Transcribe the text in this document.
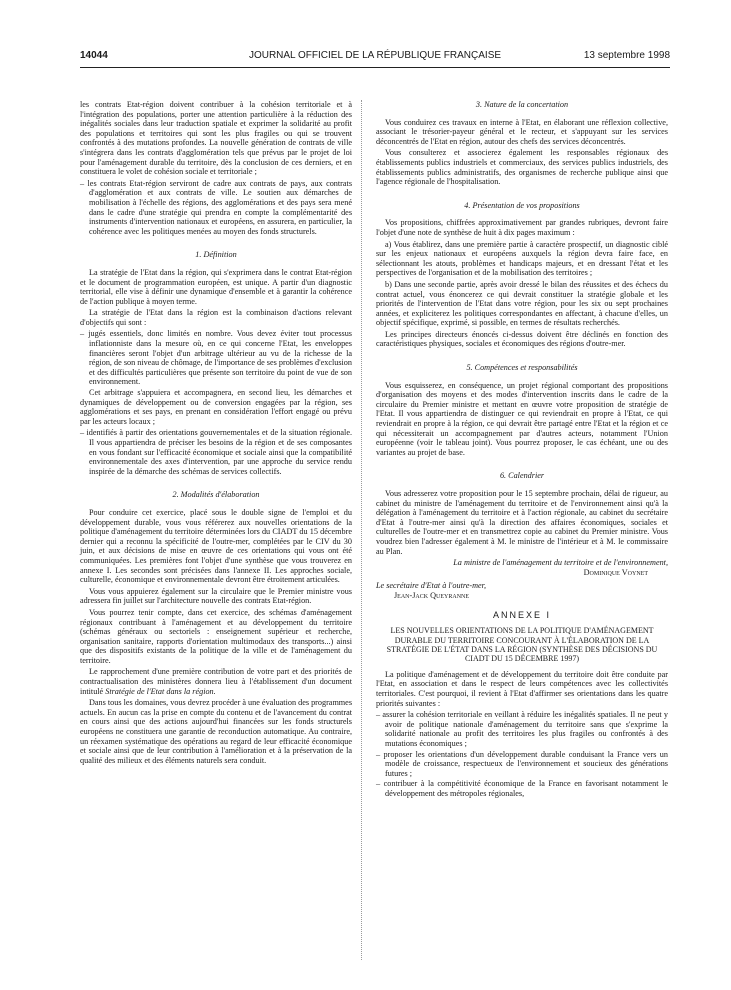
14044	JOURNAL OFFICIEL DE LA RÉPUBLIQUE FRANÇAISE	13 septembre 1998

les contrats Etat-région doivent contribuer à la cohésion territoriale et à l'intégration des populations, porter une attention particulière à la réduction des inégalités sociales dans leur traduction spatiale et exprimer la solidarité au profit des populations et territoires qui sont les plus fragiles ou qui se trouvent confrontés à des mutations profondes. La nouvelle génération de contrats de ville s'intégrera dans les contrats d'agglomération tels que prévus par le projet de loi pour l'aménagement durable du territoire, dès la conclusion de ces derniers, et en constituera le volet de cohésion sociale et territoriale ;

– les contrats Etat-région serviront de cadre aux contrats de pays, aux contrats d'agglomération et aux contrats de ville. Le soutien aux démarches de mobilisation à l'échelle des régions, des agglomérations et des pays sera mené dans le cadre d'une stratégie qui prendra en compte la complémentarité des instruments d'intervention nationaux et européens, en assurera, en particulier, la cohérence avec les politiques menées au moyen des fonds structurels.

1. Définition

La stratégie de l'Etat dans la région, qui s'exprimera dans le contrat Etat-région et le document de programmation européen, est unique. A partir d'un diagnostic territorial, elle vise à définir une dynamique d'ensemble et à garantir la cohérence de l'action publique à moyen terme.

La stratégie de l'Etat dans la région est la combinaison d'actions relevant d'objectifs qui sont :

– jugés essentiels, donc limités en nombre. Vous devez éviter tout processus inflationniste dans la mesure où, en ce qui concerne l'Etat, les enveloppes financières seront l'objet d'un arbitrage ultérieur au vu de la richesse de la région, de son niveau de chômage, de l'importance de ses problèmes d'exclusion et des difficultés particulières que présente son territoire du point de vue de son environnement.

Cet arbitrage s'appuiera et accompagnera, en second lieu, les démarches et dynamiques de développement ou de conversion engagées par la région, ses agglomérations et ses pays, en prenant en considération l'effort engagé ou prévu par les acteurs locaux ;

– identifiés à partir des orientations gouvernementales et de la situation régionale. Il vous appartiendra de préciser les besoins de la région et de ses composantes en vous fondant sur l'efficacité économique et sociale ainsi que la compatibilité environnementale des axes d'intervention, par une approche du service rendu inspirée de la démarche des schémas de services collectifs.

2. Modalités d'élaboration

Pour conduire cet exercice, placé sous le double signe de l'emploi et du développement durable, vous vous référerez aux nouvelles orientations de la politique d'aménagement du territoire déterminées lors du CIADT du 15 décembre dernier qui a reconnu la spécificité de l'outre-mer, complétées par le CIV du 30 juin, et aux décisions de mise en œuvre de ces orientations qui vous ont été communiquées. Les premières font l'objet d'une synthèse que vous trouverez en annexe I. Les secondes sont précisées dans l'annexe II. Les approches sociale, culturelle, économique et environnementale devront être étroitement articulées.

Vous vous appuierez également sur la circulaire que le Premier ministre vous adressera fin juillet sur l'architecture nouvelle des contrats Etat-région.

Vous pourrez tenir compte, dans cet exercice, des schémas d'aménagement régionaux contribuant à l'aménagement et au développement du territoire (schémas généraux ou sectoriels : enseignement supérieur et recherche, organisation sanitaire, rapports d'orientation multimodaux des transports...) ainsi que des dispositifs existants de la politique de la ville et de l'aménagement du territoire.

Le rapprochement d'une première contribution de votre part et des priorités de contractualisation des ministères donnera lieu à l'établissement d'un document intitulé Stratégie de l'Etat dans la région.

Dans tous les domaines, vous devrez procéder à une évaluation des programmes actuels. En aucun cas la prise en compte du contenu et de l'avancement du contrat en cours ainsi que des actions aujourd'hui financées sur les fonds structurels européens ne constituera une garantie de reconduction automatique. Au contraire, un réexamen systématique des opérations au regard de leur efficacité économique et sociale ainsi que de leur contribution à l'amélioration et à la préservation de la qualité des milieux et des éléments naturels sera conduit.

3. Nature de la concertation

Vous conduirez ces travaux en interne à l'Etat, en élaborant une réflexion collective, associant le trésorier-payeur général et le recteur, et s'appuyant sur les services déconcentrés de l'Etat en région, autour des chefs des services déconcentrés.

Vous consulterez et associerez également les responsables régionaux des établissements publics industriels et commerciaux, des services publics industriels, des établissements publics administratifs, des organismes de recherche publique ainsi que l'agence régionale de l'hospitalisation.

4. Présentation de vos propositions

Vos propositions, chiffrées approximativement par grandes rubriques, devront faire l'objet d'une note de synthèse de huit à dix pages maximum :

a) Vous établirez, dans une première partie à caractère prospectif, un diagnostic ciblé sur les enjeux nationaux et européens auxquels la région devra faire face, en sélectionnant les atouts, problèmes et handicaps majeurs, et en dressant l'état et les perspectives de l'organisation et de la mobilisation des territoires ;

b) Dans une seconde partie, après avoir dressé le bilan des réussites et des échecs du contrat actuel, vous énoncerez ce qui devrait constituer la stratégie globale et les priorités de l'intervention de l'Etat dans votre région, pour les six ou sept prochaines années, et expliciterez les politiques correspondantes en affectant, à chacune d'elles, un objectif spécifique, exprimé, si possible, en termes de résultats recherchés.

Les principes directeurs énoncés ci-dessus doivent être déclinés en fonction des caractéristiques physiques, sociales et économiques des régions d'outre-mer.

5. Compétences et responsabilités

Vous esquisserez, en conséquence, un projet régional comportant des propositions d'organisation des moyens et des modes d'intervention inscrits dans le cadre de la circulaire du Premier ministre et mettant en œuvre votre proposition de stratégie de l'Etat. Il vous appartiendra de distinguer ce qui reviendrait en propre à l'Etat, ce qui reviendrait en propre à la région, ce qui devrait être partagé entre l'Etat et la région et ce qui nécessiterait un accompagnement par d'autres acteurs, notamment l'Union européenne (voir le tableau joint). Vous pourrez proposer, le cas échéant, une ou des variantes au projet de base.

6. Calendrier

Vous adresserez votre proposition pour le 15 septembre prochain, délai de rigueur, au cabinet du ministre de l'aménagement du territoire et de l'environnement ainsi qu'à la délégation à l'aménagement du territoire et à l'action régionale, au cabinet du secrétaire d'Etat à l'outre-mer ainsi qu'à la direction des affaires économiques, sociales et culturelles de l'outre-mer et en transmettrez copie au cabinet du Premier ministre. Vous voudrez bien l'adresser également à M. le ministre de l'intérieur et à M. le commissaire au Plan.

La ministre de l'aménagement du territoire et de l'environnement,

Dominique Voynet

Le secrétaire d'Etat à l'outre-mer,

Jean-Jack Queyranne

ANNEXE I

LES NOUVELLES ORIENTATIONS DE LA POLITIQUE D'AMÉNAGEMENT DURABLE DU TERRITOIRE CONCOURANT À L'ÉLABORATION DE LA STRATÉGIE DE L'ÉTAT DANS LA RÉGION (SYNTHÈSE DES DÉCISIONS DU CIADT DU 15 DÉCEMBRE 1997)

La politique d'aménagement et de développement du territoire doit être conduite par l'Etat, en association et dans le respect de leurs compétences avec les collectivités territoriales. C'est pourquoi, il revient à l'Etat d'affirmer ses orientations dans les quatre priorités suivantes :

– assurer la cohésion territoriale en veillant à réduire les inégalités spatiales. Il ne peut y avoir de politique nationale d'aménagement du territoire sans que s'exprime la solidarité nationale au profit des territoires les plus fragiles ou confrontés à des mutations économiques ;

– proposer les orientations d'un développement durable conduisant la France vers un modèle de croissance, respectueux de l'environnement et soucieux des générations futures ;

– contribuer à la compétitivité économique de la France en favorisant notamment le développement des métropoles régionales,
